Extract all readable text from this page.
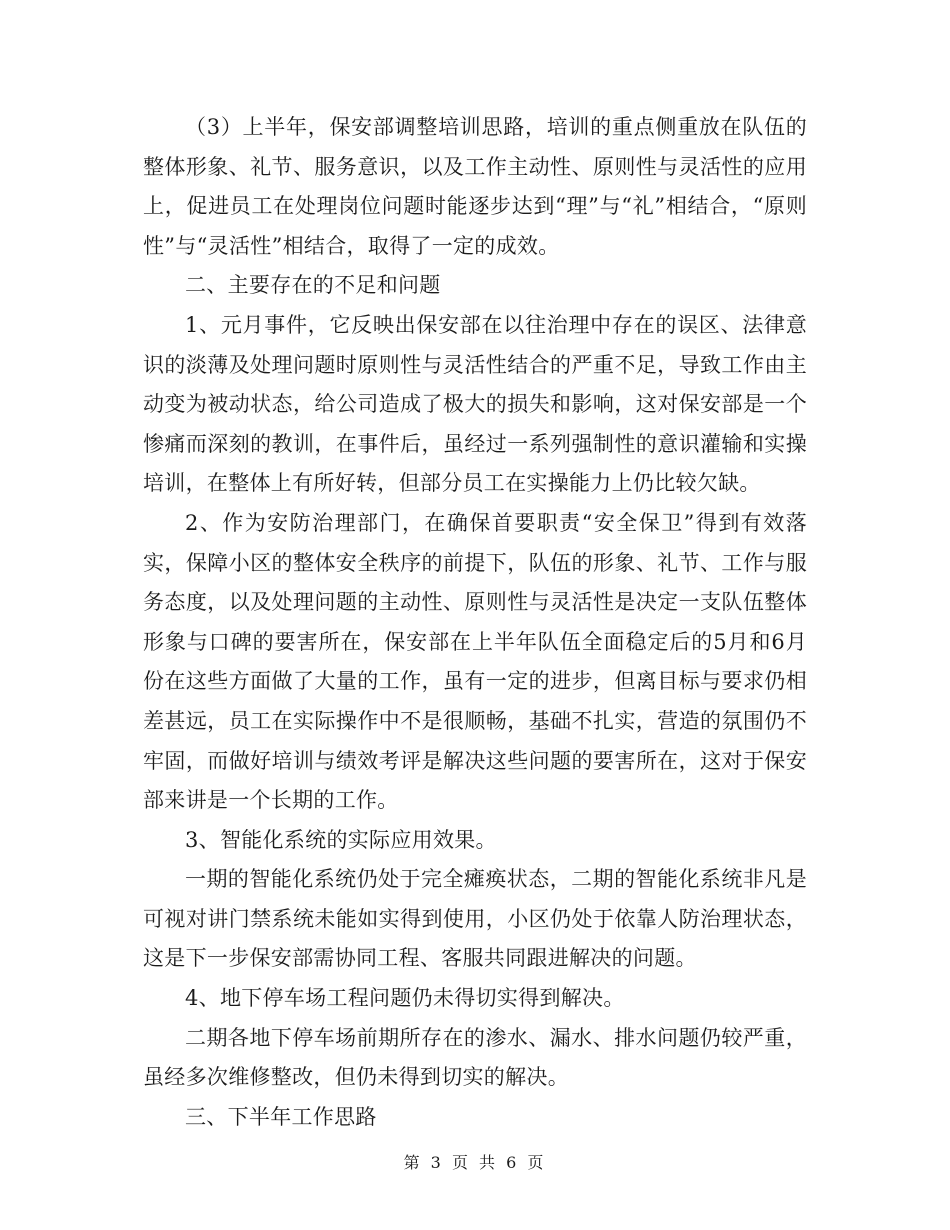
（3）上半年，保安部调整培训思路，培训的重点侧重放在队伍的整体形象、礼节、服务意识，以及工作主动性、原则性与灵活性的应用上，促进员工在处理岗位问题时能逐步达到“理”与“礼”相结合，“原则性”与“灵活性”相结合，取得了一定的成效。

二、主要存在的不足和问题

1、元月事件，它反映出保安部在以往治理中存在的误区、法律意识的淡薄及处理问题时原则性与灵活性结合的严重不足，导致工作由主动变为被动状态，给公司造成了极大的损失和影响，这对保安部是一个惨痛而深刻的教训，在事件后，虽经过一系列强制性的意识灌输和实操培训，在整体上有所好转，但部分员工在实操能力上仍比较欠缺。

2、作为安防治理部门，在确保首要职责“安全保卫”得到有效落实，保障小区的整体安全秩序的前提下，队伍的形象、礼节、工作与服务态度，以及处理问题的主动性、原则性与灵活性是决定一支队伍整体形象与口碑的要害所在，保安部在上半年队伍全面稳定后的5月和6月份在这些方面做了大量的工作，虽有一定的进步，但离目标与要求仍相差甚远，员工在实际操作中不是很顺畅，基础不扎实，营造的氛围仍不牢固，而做好培训与绩效考评是解决这些问题的要害所在，这对于保安部来讲是一个长期的工作。

3、智能化系统的实际应用效果。

一期的智能化系统仍处于完全瘫痪状态，二期的智能化系统非凡是可视对讲门禁系统未能如实得到使用，小区仍处于依靠人防治理状态，这是下一步保安部需协同工程、客服共同跟进解决的问题。

4、地下停车场工程问题仍未得切实得到解决。

二期各地下停车场前期所存在的渗水、漏水、排水问题仍较严重，虽经多次维修整改，但仍未得到切实的解决。

三、下半年工作思路

第 3 页 共 6 页
